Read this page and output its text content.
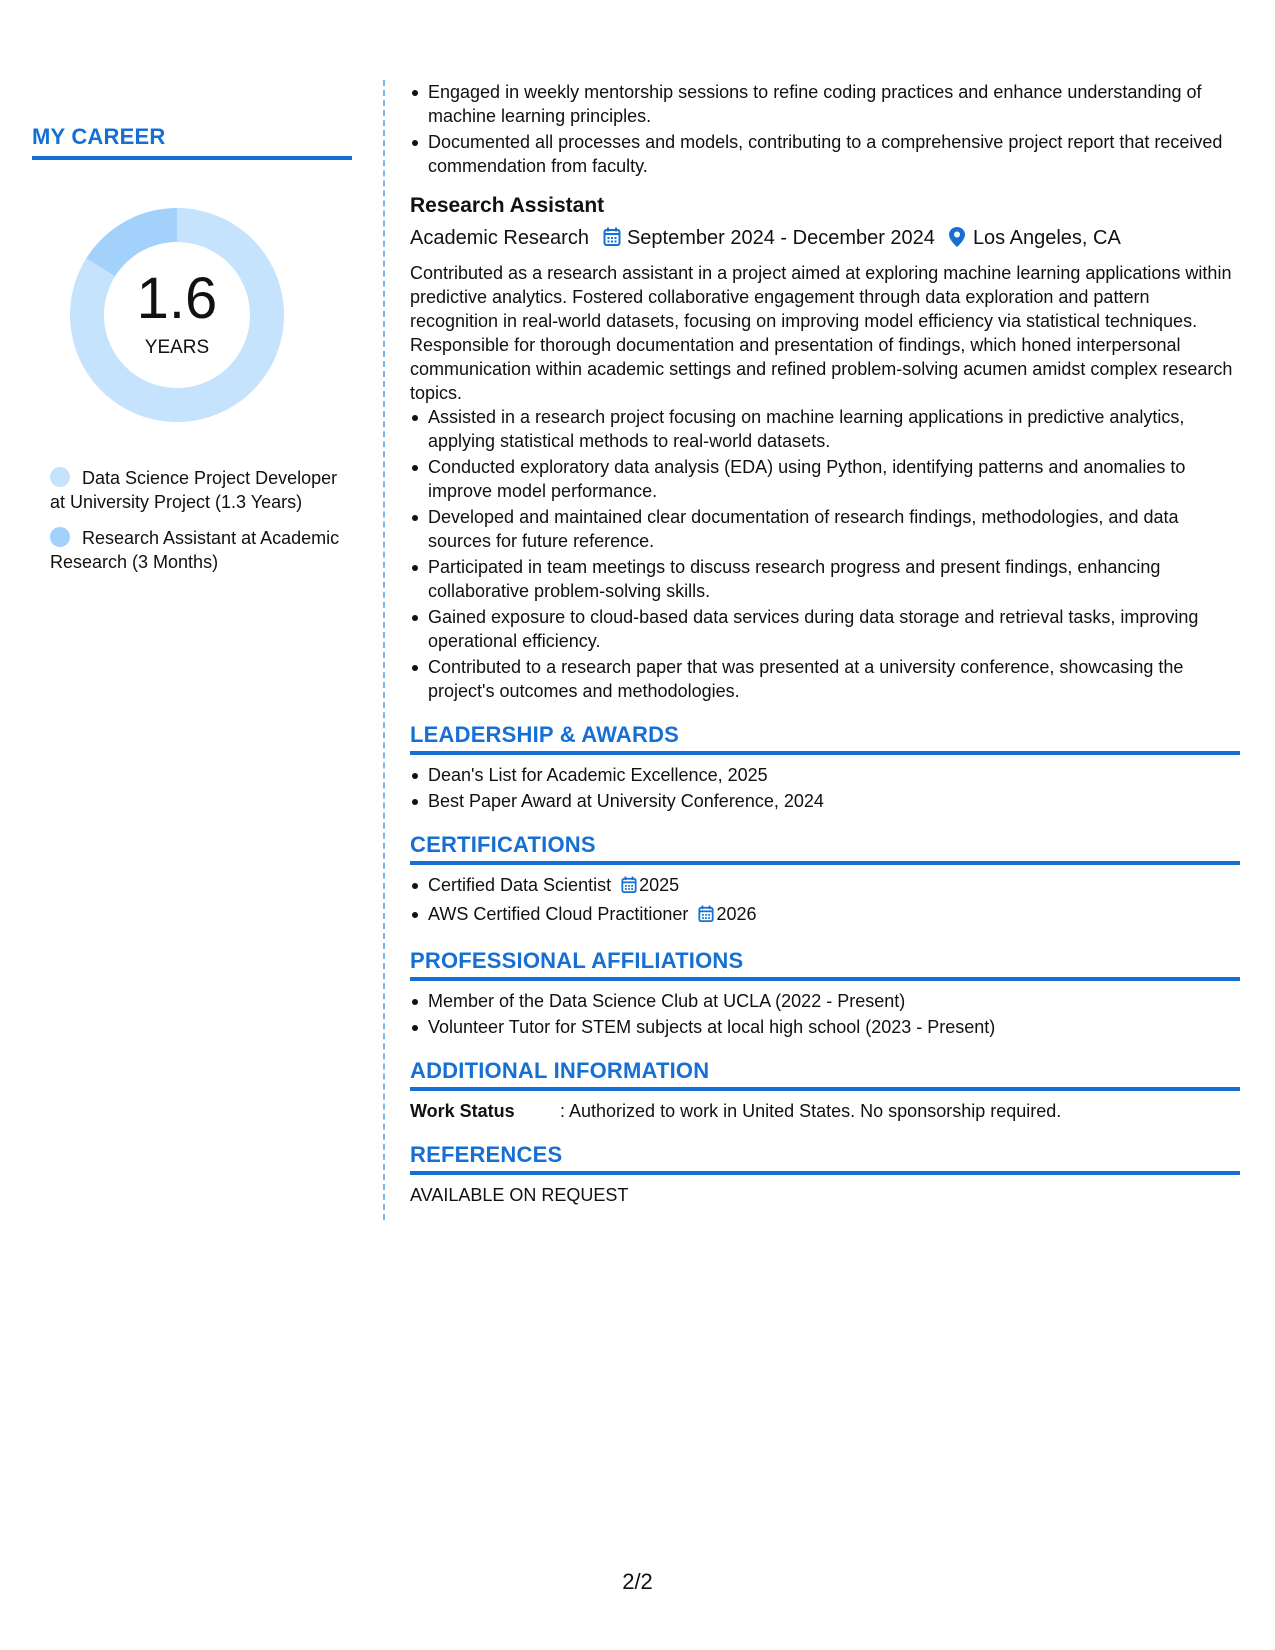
MY CAREER
1.6
YEARS
Data Science Project Developer at University Project (1.3 Years)
Research Assistant at Academic Research (3 Months)
Engaged in weekly mentorship sessions to refine coding practices and enhance understanding of machine learning principles.
Documented all processes and models, contributing to a comprehensive project report that received commendation from faculty.
Research Assistant
Academic Research September 2024 - December 2024 Los Angeles, CA
Contributed as a research assistant in a project aimed at exploring machine learning applications within predictive analytics. Fostered collaborative engagement through data exploration and pattern recognition in real-world datasets, focusing on improving model efficiency via statistical techniques. Responsible for thorough documentation and presentation of findings, which honed interpersonal communication within academic settings and refined problem-solving acumen amidst complex research topics.
Assisted in a research project focusing on machine learning applications in predictive analytics, applying statistical methods to real-world datasets.
Conducted exploratory data analysis (EDA) using Python, identifying patterns and anomalies to improve model performance.
Developed and maintained clear documentation of research findings, methodologies, and data sources for future reference.
Participated in team meetings to discuss research progress and present findings, enhancing collaborative problem-solving skills.
Gained exposure to cloud-based data services during data storage and retrieval tasks, improving operational efficiency.
Contributed to a research paper that was presented at a university conference, showcasing the project's outcomes and methodologies.
LEADERSHIP & AWARDS
Dean's List for Academic Excellence, 2025
Best Paper Award at University Conference, 2024
CERTIFICATIONS
Certified Data Scientist 2025
AWS Certified Cloud Practitioner 2026
PROFESSIONAL AFFILIATIONS
Member of the Data Science Club at UCLA (2022 - Present)
Volunteer Tutor for STEM subjects at local high school (2023 - Present)
ADDITIONAL INFORMATION
Work Status	: Authorized to work in United States. No sponsorship required.
REFERENCES
AVAILABLE ON REQUEST
2/2
